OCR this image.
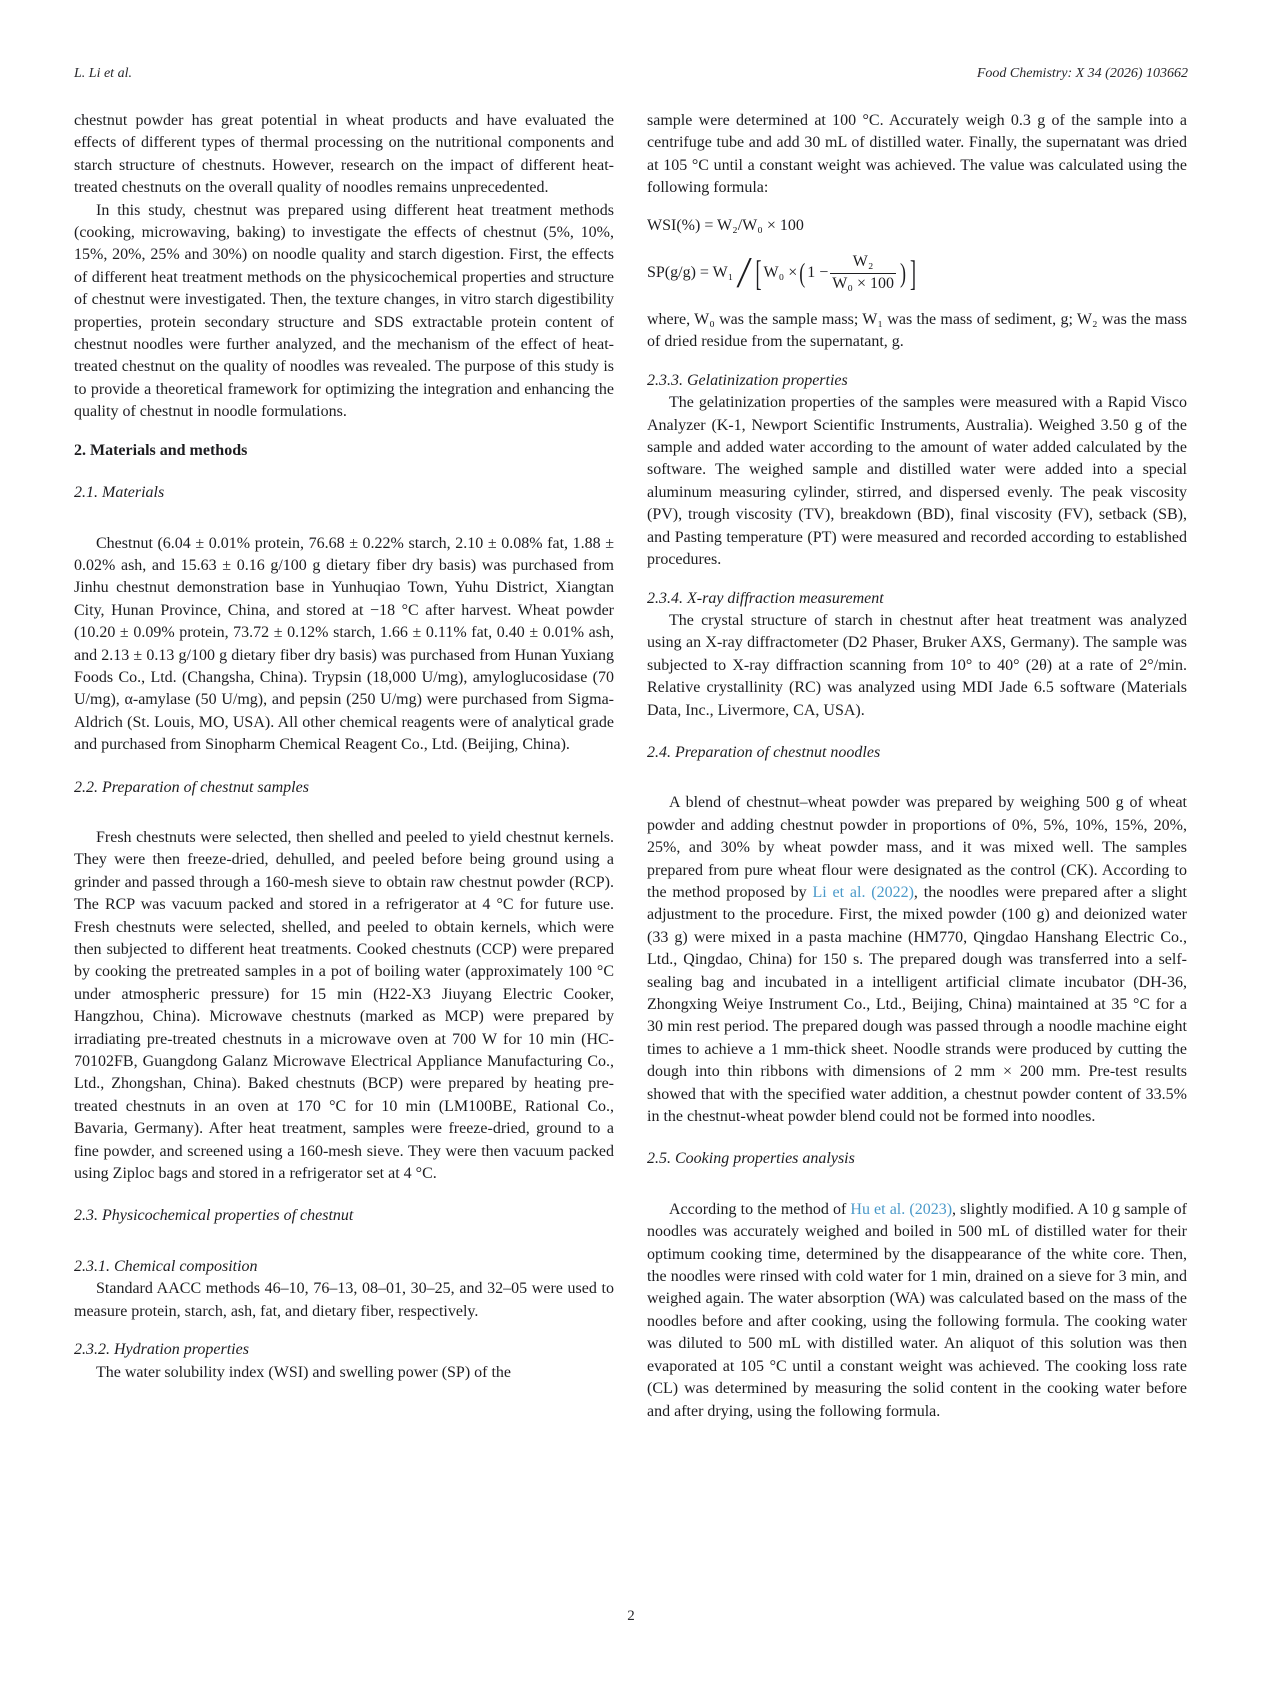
L. Li et al.	Food Chemistry: X 34 (2026) 103662

chestnut powder has great potential in wheat products and have evaluated the effects of different types of thermal processing on the nutritional components and starch structure of chestnuts. However, research on the impact of different heat-treated chestnuts on the overall quality of noodles remains unprecedented.

In this study, chestnut was prepared using different heat treatment methods (cooking, microwaving, baking) to investigate the effects of chestnut (5%, 10%, 15%, 20%, 25% and 30%) on noodle quality and starch digestion. First, the effects of different heat treatment methods on the physicochemical properties and structure of chestnut were investigated. Then, the texture changes, in vitro starch digestibility properties, protein secondary structure and SDS extractable protein content of chestnut noodles were further analyzed, and the mechanism of the effect of heat-treated chestnut on the quality of noodles was revealed. The purpose of this study is to provide a theoretical framework for optimizing the integration and enhancing the quality of chestnut in noodle formulations.

2. Materials and methods
2.1. Materials

Chestnut (6.04 ± 0.01% protein, 76.68 ± 0.22% starch, 2.10 ± 0.08% fat, 1.88 ± 0.02% ash, and 15.63 ± 0.16 g/100 g dietary fiber dry basis) was purchased from Jinhu chestnut demonstration base in Yunhuqiao Town, Yuhu District, Xiangtan City, Hunan Province, China, and stored at −18 °C after harvest. Wheat powder (10.20 ± 0.09% protein, 73.72 ± 0.12% starch, 1.66 ± 0.11% fat, 0.40 ± 0.01% ash, and 2.13 ± 0.13 g/100 g dietary fiber dry basis) was purchased from Hunan Yuxiang Foods Co., Ltd. (Changsha, China). Trypsin (18,000 U/mg), amyloglucosidase (70 U/mg), α-amylase (50 U/mg), and pepsin (250 U/mg) were purchased from Sigma-Aldrich (St. Louis, MO, USA). All other chemical reagents were of analytical grade and purchased from Sinopharm Chemical Reagent Co., Ltd. (Beijing, China).

2.2. Preparation of chestnut samples

Fresh chestnuts were selected, then shelled and peeled to yield chestnut kernels. They were then freeze-dried, dehulled, and peeled before being ground using a grinder and passed through a 160-mesh sieve to obtain raw chestnut powder (RCP). The RCP was vacuum packed and stored in a refrigerator at 4 °C for future use. Fresh chestnuts were selected, shelled, and peeled to obtain kernels, which were then subjected to different heat treatments. Cooked chestnuts (CCP) were prepared by cooking the pretreated samples in a pot of boiling water (approximately 100 °C under atmospheric pressure) for 15 min (H22-X3 Jiuyang Electric Cooker, Hangzhou, China). Microwave chestnuts (marked as MCP) were prepared by irradiating pre-treated chestnuts in a microwave oven at 700 W for 10 min (HC-70102FB, Guangdong Galanz Microwave Electrical Appliance Manufacturing Co., Ltd., Zhongshan, China). Baked chestnuts (BCP) were prepared by heating pre-treated chestnuts in an oven at 170 °C for 10 min (LM100BE, Rational Co., Bavaria, Germany). After heat treatment, samples were freeze-dried, ground to a fine powder, and screened using a 160-mesh sieve. They were then vacuum packed using Ziploc bags and stored in a refrigerator set at 4 °C.

2.3. Physicochemical properties of chestnut
2.3.1. Chemical composition

Standard AACC methods 46–10, 76–13, 08–01, 30–25, and 32–05 were used to measure protein, starch, ash, fat, and dietary fiber, respectively.

2.3.2. Hydration properties

The water solubility index (WSI) and swelling power (SP) of the

sample were determined at 100 °C. Accurately weigh 0.3 g of the sample into a centrifuge tube and add 30 mL of distilled water. Finally, the supernatant was dried at 105 °C until a constant weight was achieved. The value was calculated using the following formula:

WSI(%) = W₂/W₀ × 100
SP(g/g) = W₁ / [ W₀ × ( $1 - \frac{\text{W₂}}{\text{W₀ × 100}}$ ) ]

where, W₀ was the sample mass; W₁ was the mass of sediment, g; W₂ was the mass of dried residue from the supernatant, g.

2.3.3. Gelatinization properties

The gelatinization properties of the samples were measured with a Rapid Visco Analyzer (K-1, Newport Scientific Instruments, Australia). Weighed 3.50 g of the sample and added water according to the amount of water added calculated by the software. The weighed sample and distilled water were added into a special aluminum measuring cylinder, stirred, and dispersed evenly. The peak viscosity (PV), trough viscosity (TV), breakdown (BD), final viscosity (FV), setback (SB), and Pasting temperature (PT) were measured and recorded according to established procedures.

2.3.4. X-ray diffraction measurement

The crystal structure of starch in chestnut after heat treatment was analyzed using an X-ray diffractometer (D2 Phaser, Bruker AXS, Germany). The sample was subjected to X-ray diffraction scanning from 10° to 40° (2θ) at a rate of 2°/min. Relative crystallinity (RC) was analyzed using MDI Jade 6.5 software (Materials Data, Inc., Livermore, CA, USA).

2.4. Preparation of chestnut noodles

A blend of chestnut–wheat powder was prepared by weighing 500 g of wheat powder and adding chestnut powder in proportions of 0%, 5%, 10%, 15%, 20%, 25%, and 30% by wheat powder mass, and it was mixed well. The samples prepared from pure wheat flour were designated as the control (CK). According to the method proposed by Li et al. (2022), the noodles were prepared after a slight adjustment to the procedure. First, the mixed powder (100 g) and deionized water (33 g) were mixed in a pasta machine (HM770, Qingdao Hanshang Electric Co., Ltd., Qingdao, China) for 150 s. The prepared dough was transferred into a self-sealing bag and incubated in a intelligent artificial climate incubator (DH-36, Zhongxing Weiye Instrument Co., Ltd., Beijing, China) maintained at 35 °C for a 30 min rest period. The prepared dough was passed through a noodle machine eight times to achieve a 1 mm-thick sheet. Noodle strands were produced by cutting the dough into thin ribbons with dimensions of 2 mm × 200 mm. Pre-test results showed that with the specified water addition, a chestnut powder content of 33.5% in the chestnut-wheat powder blend could not be formed into noodles.

2.5. Cooking properties analysis

According to the method of Hu et al. (2023), slightly modified. A 10 g sample of noodles was accurately weighed and boiled in 500 mL of distilled water for their optimum cooking time, determined by the disappearance of the white core. Then, the noodles were rinsed with cold water for 1 min, drained on a sieve for 3 min, and weighed again. The water absorption (WA) was calculated based on the mass of the noodles before and after cooking, using the following formula. The cooking water was diluted to 500 mL with distilled water. An aliquot of this solution was then evaporated at 105 °C until a constant weight was achieved. The cooking loss rate (CL) was determined by measuring the solid content in the cooking water before and after drying, using the following formula.

2
